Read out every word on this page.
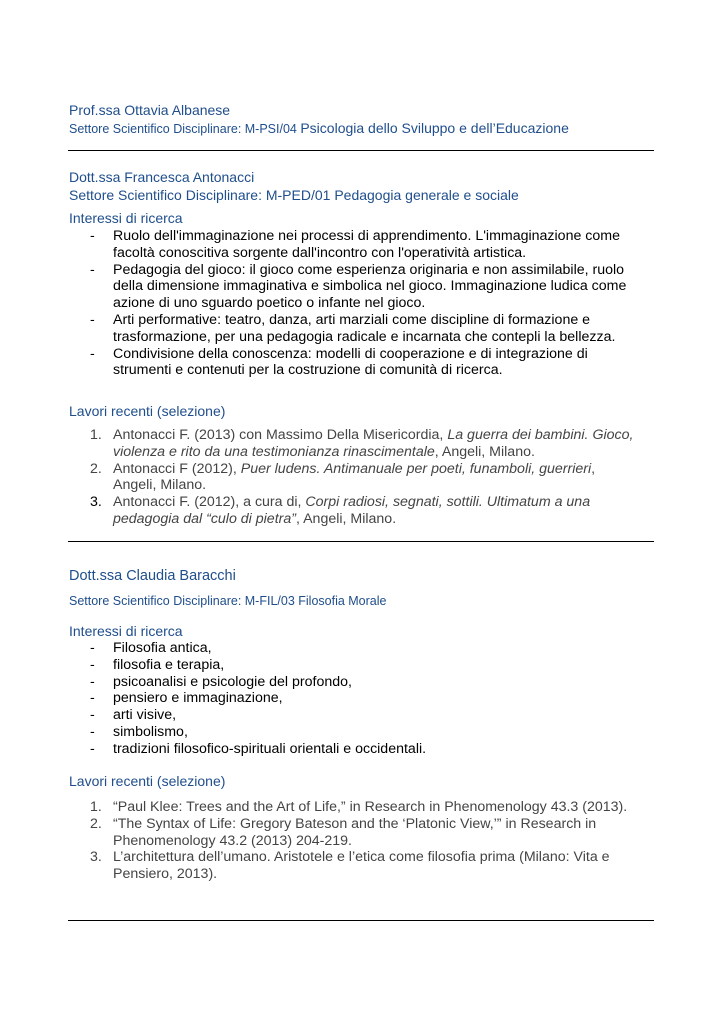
Prof.ssa Ottavia Albanese

Settore Scientifico Disciplinare: M-PSI/04 Psicologia dello Sviluppo e dell’Educazione

Dott.ssa Francesca Antonacci

Settore Scientifico Disciplinare: M-PED/01 Pedagogia generale e sociale

Interessi di ricerca

- Ruolo dell'immaginazione nei processi di apprendimento. L'immaginazione come
facoltà conoscitiva sorgente dall'incontro con l'operatività artistica.
- Pedagogia del gioco: il gioco come esperienza originaria e non assimilabile, ruolo
della dimensione immaginativa e simbolica nel gioco. Immaginazione ludica come
azione di uno sguardo poetico o infante nel gioco.
- Arti performative: teatro, danza, arti marziali come discipline di formazione e
trasformazione, per una pedagogia radicale e incarnata che contepli la bellezza.
- Condivisione della conoscenza: modelli di cooperazione e di integrazione di
strumenti e contenuti per la costruzione di comunità di ricerca.

Lavori recenti (selezione)

1. Antonacci F. (2013) con Massimo Della Misericordia, La guerra dei bambini. Gioco,
violenza e rito da una testimonianza rinascimentale, Angeli, Milano.
2. Antonacci F (2012), Puer ludens. Antimanuale per poeti, funamboli, guerrieri,
Angeli, Milano.
3. Antonacci F. (2012), a cura di, Corpi radiosi, segnati, sottili. Ultimatum a una
pedagogia dal “culo di pietra”, Angeli, Milano.

Dott.ssa Claudia Baracchi

Settore Scientifico Disciplinare: M-FIL/03 Filosofia Morale

Interessi di ricerca

- Filosofia antica,
- filosofia e terapia,
- psicoanalisi e psicologie del profondo,
- pensiero e immaginazione,
- arti visive,
- simbolismo,
- tradizioni filosofico-spirituali orientali e occidentali.

Lavori recenti (selezione)

1. “Paul Klee: Trees and the Art of Life,” in Research in Phenomenology 43.3 (2013).
2. “The Syntax of Life: Gregory Bateson and the ‘Platonic View,’” in Research in
Phenomenology 43.2 (2013) 204-219.
3. L’architettura dell’umano. Aristotele e l’etica come filosofia prima (Milano: Vita e
Pensiero, 2013).
